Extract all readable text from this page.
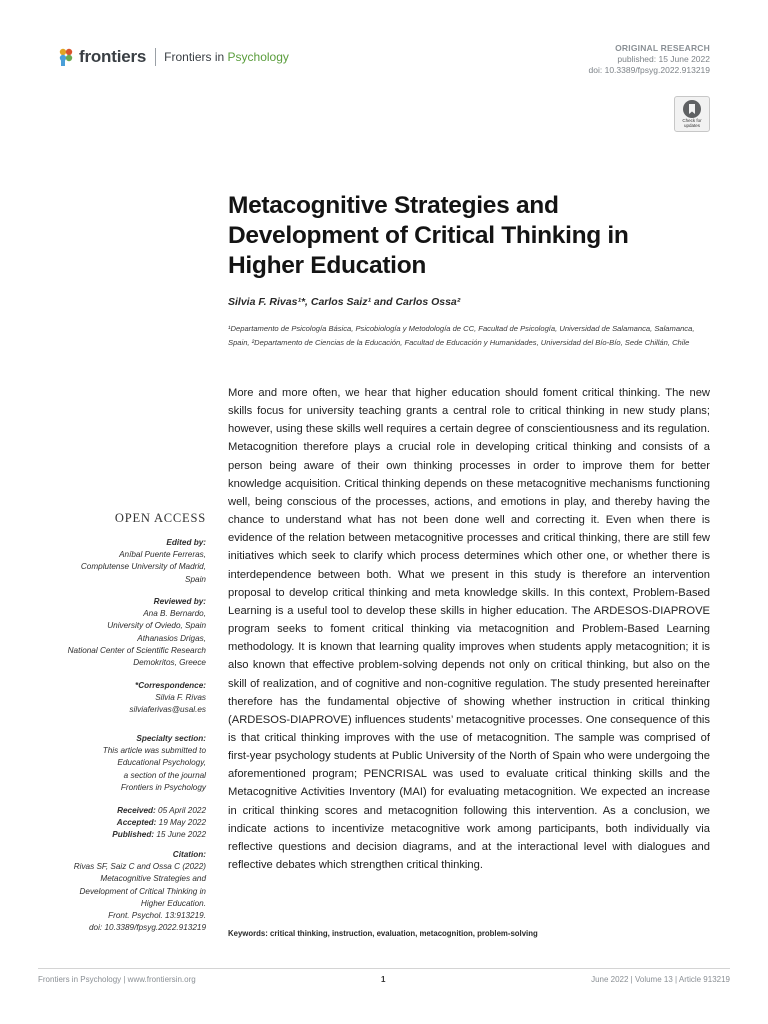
frontiers Frontiers in Psychology
ORIGINAL RESEARCH
published: 15 June 2022
doi: 10.3389/fpsyg.2022.913219
Check for
updates
Metacognitive Strategies and Development of Critical Thinking in Higher Education
Silvia F. Rivas¹*, Carlos Saiz¹ and Carlos Ossa²
¹Departamento de Psicología Básica, Psicobiología y Metodología de CC, Facultad de Psicología, Universidad de Salamanca, Salamanca, Spain, ²Departamento de Ciencias de la Educación, Facultad de Educación y Humanidades, Universidad del Bío-Bío, Sede Chillán, Chile
More and more often, we hear that higher education should foment critical thinking. The new skills focus for university teaching grants a central role to critical thinking in new study plans; however, using these skills well requires a certain degree of conscientiousness and its regulation. Metacognition therefore plays a crucial role in developing critical thinking and consists of a person being aware of their own thinking processes in order to improve them for better knowledge acquisition. Critical thinking depends on these metacognitive mechanisms functioning well, being conscious of the processes, actions, and emotions in play, and thereby having the chance to understand what has not been done well and correcting it. Even when there is evidence of the relation between metacognitive processes and critical thinking, there are still few initiatives which seek to clarify which process determines which other one, or whether there is interdependence between both. What we present in this study is therefore an intervention proposal to develop critical thinking and meta knowledge skills. In this context, Problem-Based Learning is a useful tool to develop these skills in higher education. The ARDESOS-DIAPROVE program seeks to foment critical thinking via metacognition and Problem-Based Learning methodology. It is known that learning quality improves when students apply metacognition; it is also known that effective problem-solving depends not only on critical thinking, but also on the skill of realization, and of cognitive and non-cognitive regulation. The study presented hereinafter therefore has the fundamental objective of showing whether instruction in critical thinking (ARDESOS-DIAPROVE) influences students’ metacognitive processes. One consequence of this is that critical thinking improves with the use of metacognition. The sample was comprised of first-year psychology students at Public University of the North of Spain who were undergoing the aforementioned program; PENCRISAL was used to evaluate critical thinking skills and the Metacognitive Activities Inventory (MAI) for evaluating metacognition. We expected an increase in critical thinking scores and metacognition following this intervention. As a conclusion, we indicate actions to incentivize metacognitive work among participants, both individually via reflective questions and decision diagrams, and at the interactional level with dialogues and reflective debates which strengthen critical thinking.
Keywords: critical thinking, instruction, evaluation, metacognition, problem-solving
OPEN ACCESS
Edited by:
Aníbal Puente Ferreras,
Complutense University of Madrid,
Spain
Reviewed by:
Ana B. Bernardo,
University of Oviedo, Spain
Athanasios Drigas,
National Center of Scientific Research
Demokritos, Greece
*Correspondence:
Silvia F. Rivas
silviaferivas@usal.es
Specialty section:
This article was submitted to
Educational Psychology,
a section of the journal
Frontiers in Psychology
Received: 05 April 2022
Accepted: 19 May 2022
Published: 15 June 2022
Citation:
Rivas SF, Saiz C and Ossa C (2022)
Metacognitive Strategies and
Development of Critical Thinking in
Higher Education.
Front. Psychol. 13:913219.
doi: 10.3389/fpsyg.2022.913219
Frontiers in Psychology | www.frontiersin.org	1	June 2022 | Volume 13 | Article 913219
